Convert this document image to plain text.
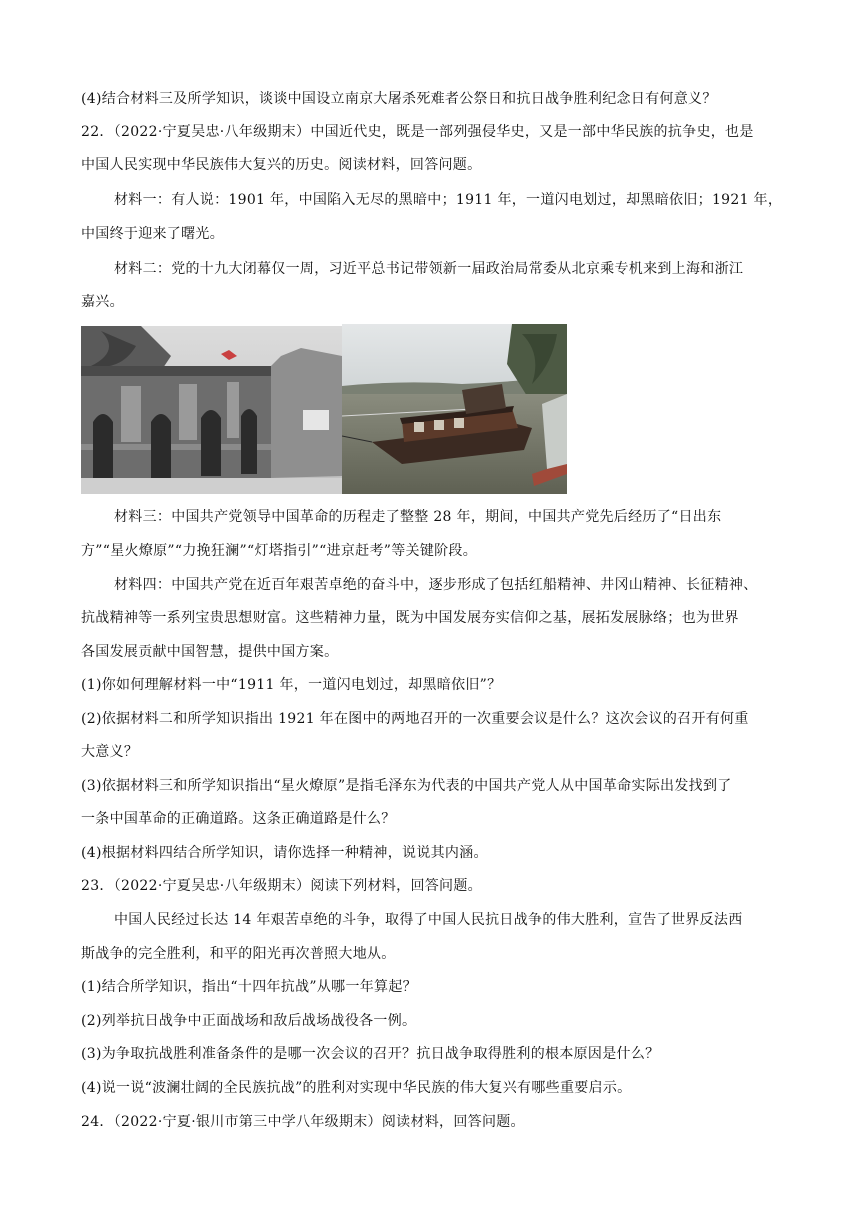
(4)结合材料三及所学知识，谈谈中国设立南京大屠杀死难者公祭日和抗日战争胜利纪念日有何意义？
22．（2022·宁夏吴忠·八年级期末）中国近代史，既是一部列强侵华史，又是一部中华民族的抗争史，也是
中国人民实现中华民族伟大复兴的历史。阅读材料，回答问题。
材料一：有人说：1901 年，中国陷入无尽的黑暗中；1911 年，一道闪电划过，却黑暗依旧；1921 年，
中国终于迎来了曙光。
材料二：党的十九大闭幕仅一周，习近平总书记带领新一届政治局常委从北京乘专机来到上海和浙江
嘉兴。
材料三：中国共产党领导中国革命的历程走了整整 28 年，期间，中国共产党先后经历了“日出东
方”“星火燎原”“力挽狂澜”“灯塔指引”“进京赶考”等关键阶段。
材料四：中国共产党在近百年艰苦卓绝的奋斗中，逐步形成了包括红船精神、井冈山精神、长征精神、
抗战精神等一系列宝贵思想财富。这些精神力量，既为中国发展夯实信仰之基，展拓发展脉络；也为世界
各国发展贡献中国智慧，提供中国方案。
(1)你如何理解材料一中“1911 年，一道闪电划过，却黑暗依旧”？
(2)依据材料二和所学知识指出 1921 年在图中的两地召开的一次重要会议是什么？这次会议的召开有何重
大意义？
(3)依据材料三和所学知识指出“星火燎原”是指毛泽东为代表的中国共产党人从中国革命实际出发找到了
一条中国革命的正确道路。这条正确道路是什么？
(4)根据材料四结合所学知识，请你选择一种精神，说说其内涵。
23．（2022·宁夏吴忠·八年级期末）阅读下列材料，回答问题。
中国人民经过长达 14 年艰苦卓绝的斗争，取得了中国人民抗日战争的伟大胜利，宣告了世界反法西
斯战争的完全胜利，和平的阳光再次普照大地从。
(1)结合所学知识，指出“十四年抗战”从哪一年算起？
(2)列举抗日战争中正面战场和敌后战场战役各一例。
(3)为争取抗战胜利准备条件的是哪一次会议的召开？抗日战争取得胜利的根本原因是什么？
(4)说一说“波澜壮阔的全民族抗战”的胜利对实现中华民族的伟大复兴有哪些重要启示。
24．（2022·宁夏·银川市第三中学八年级期末）阅读材料，回答问题。
